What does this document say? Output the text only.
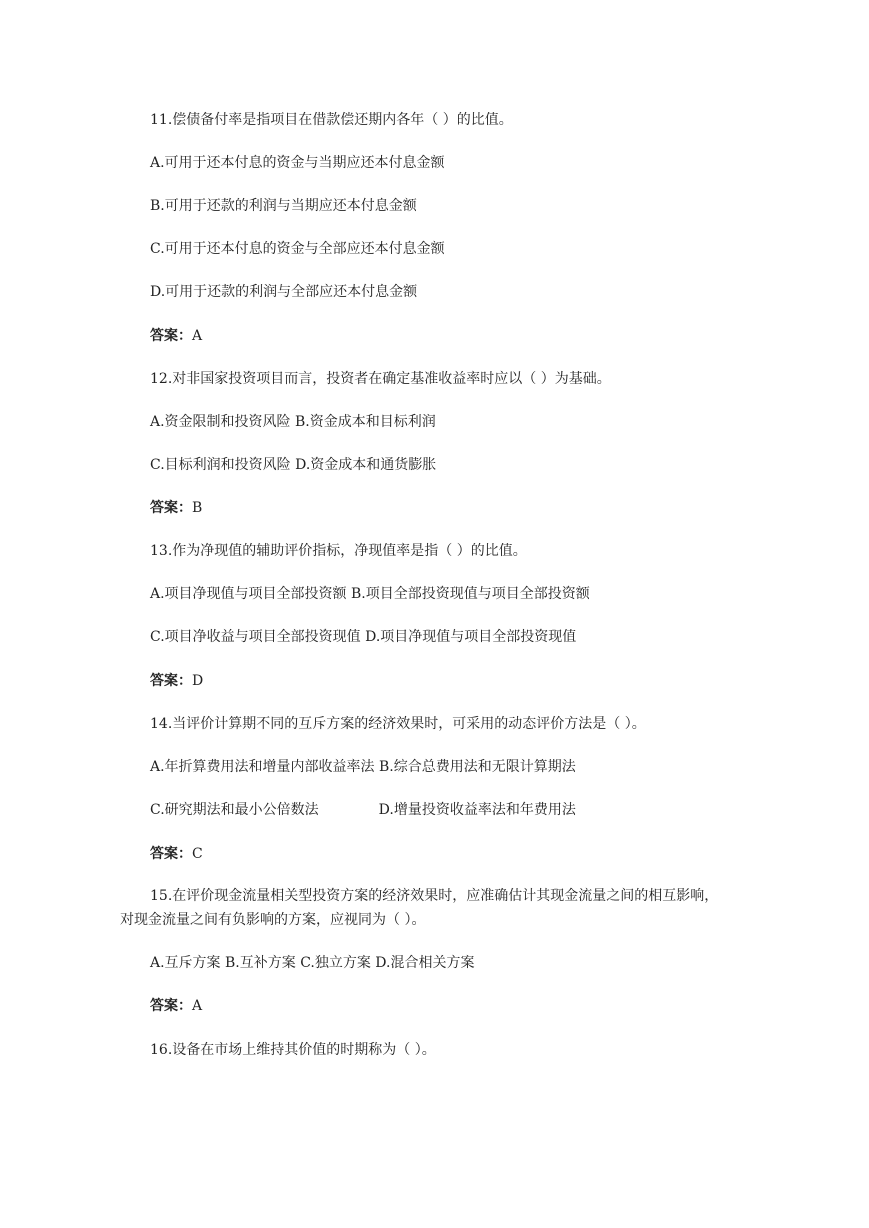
11.偿债备付率是指项目在借款偿还期内各年（ ）的比值。
A.可用于还本付息的资金与当期应还本付息金额
B.可用于还款的利润与当期应还本付息金额
C.可用于还本付息的资金与全部应还本付息金额
D.可用于还款的利润与全部应还本付息金额
答案：A
12.对非国家投资项目而言，投资者在确定基准收益率时应以（ ）为基础。
A.资金限制和投资风险 B.资金成本和目标利润
C.目标利润和投资风险 D.资金成本和通货膨胀
答案：B
13.作为净现值的辅助评价指标，净现值率是指（ ）的比值。
A.项目净现值与项目全部投资额 B.项目全部投资现值与项目全部投资额
C.项目净收益与项目全部投资现值 D.项目净现值与项目全部投资现值
答案：D
14.当评价计算期不同的互斥方案的经济效果时，可采用的动态评价方法是（ ）。
A.年折算费用法和增量内部收益率法 B.综合总费用法和无限计算期法
C.研究期法和最小公倍数法	D.增量投资收益率法和年费用法
答案：C
15.在评价现金流量相关型投资方案的经济效果时，应准确估计其现金流量之间的相互影响，对现金流量之间有负影响的方案，应视同为（ ）。
A.互斥方案 B.互补方案 C.独立方案 D.混合相关方案
答案：A
16.设备在市场上维持其价值的时期称为（ ）。
